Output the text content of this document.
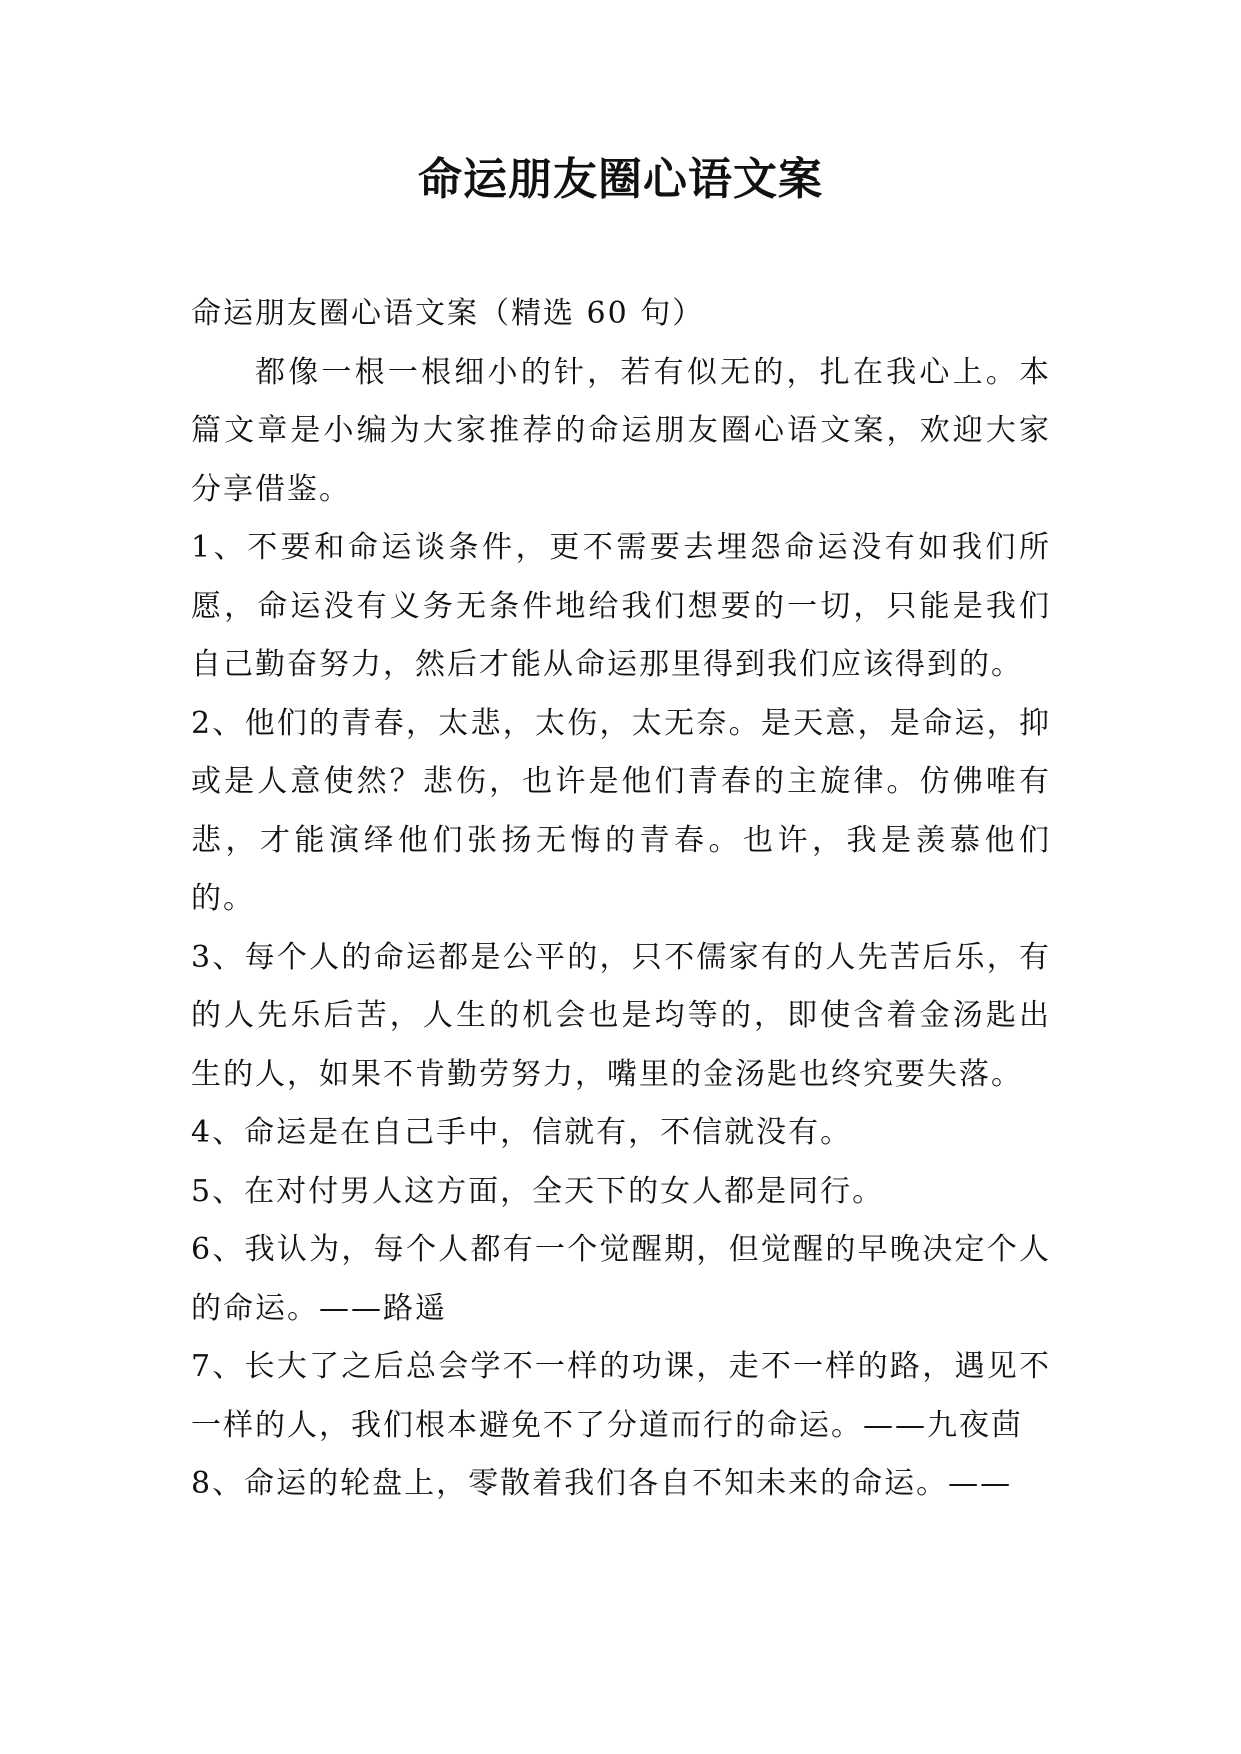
命运朋友圈心语文案

命运朋友圈心语文案（精选 60 句）

都像一根一根细小的针，若有似无的，扎在我心上。本篇文章是小编为大家推荐的命运朋友圈心语文案，欢迎大家分享借鉴。

1、不要和命运谈条件，更不需要去埋怨命运没有如我们所愿，命运没有义务无条件地给我们想要的一切，只能是我们自己勤奋努力，然后才能从命运那里得到我们应该得到的。

2、他们的青春，太悲，太伤，太无奈。是天意，是命运，抑或是人意使然？悲伤，也许是他们青春的主旋律。仿佛唯有悲，才能演绎他们张扬无悔的青春。也许，我是羡慕他们的。

3、每个人的命运都是公平的，只不儒家有的人先苦后乐，有的人先乐后苦，人生的机会也是均等的，即使含着金汤匙出生的人，如果不肯勤劳努力，嘴里的金汤匙也终究要失落。

4、命运是在自己手中，信就有，不信就没有。

5、在对付男人这方面，全天下的女人都是同行。

6、我认为，每个人都有一个觉醒期，但觉醒的早晚决定个人的命运。——路遥

7、长大了之后总会学不一样的功课，走不一样的路，遇见不一样的人，我们根本避免不了分道而行的命运。——九夜茴

8、命运的轮盘上，零散着我们各自不知未来的命运。——
